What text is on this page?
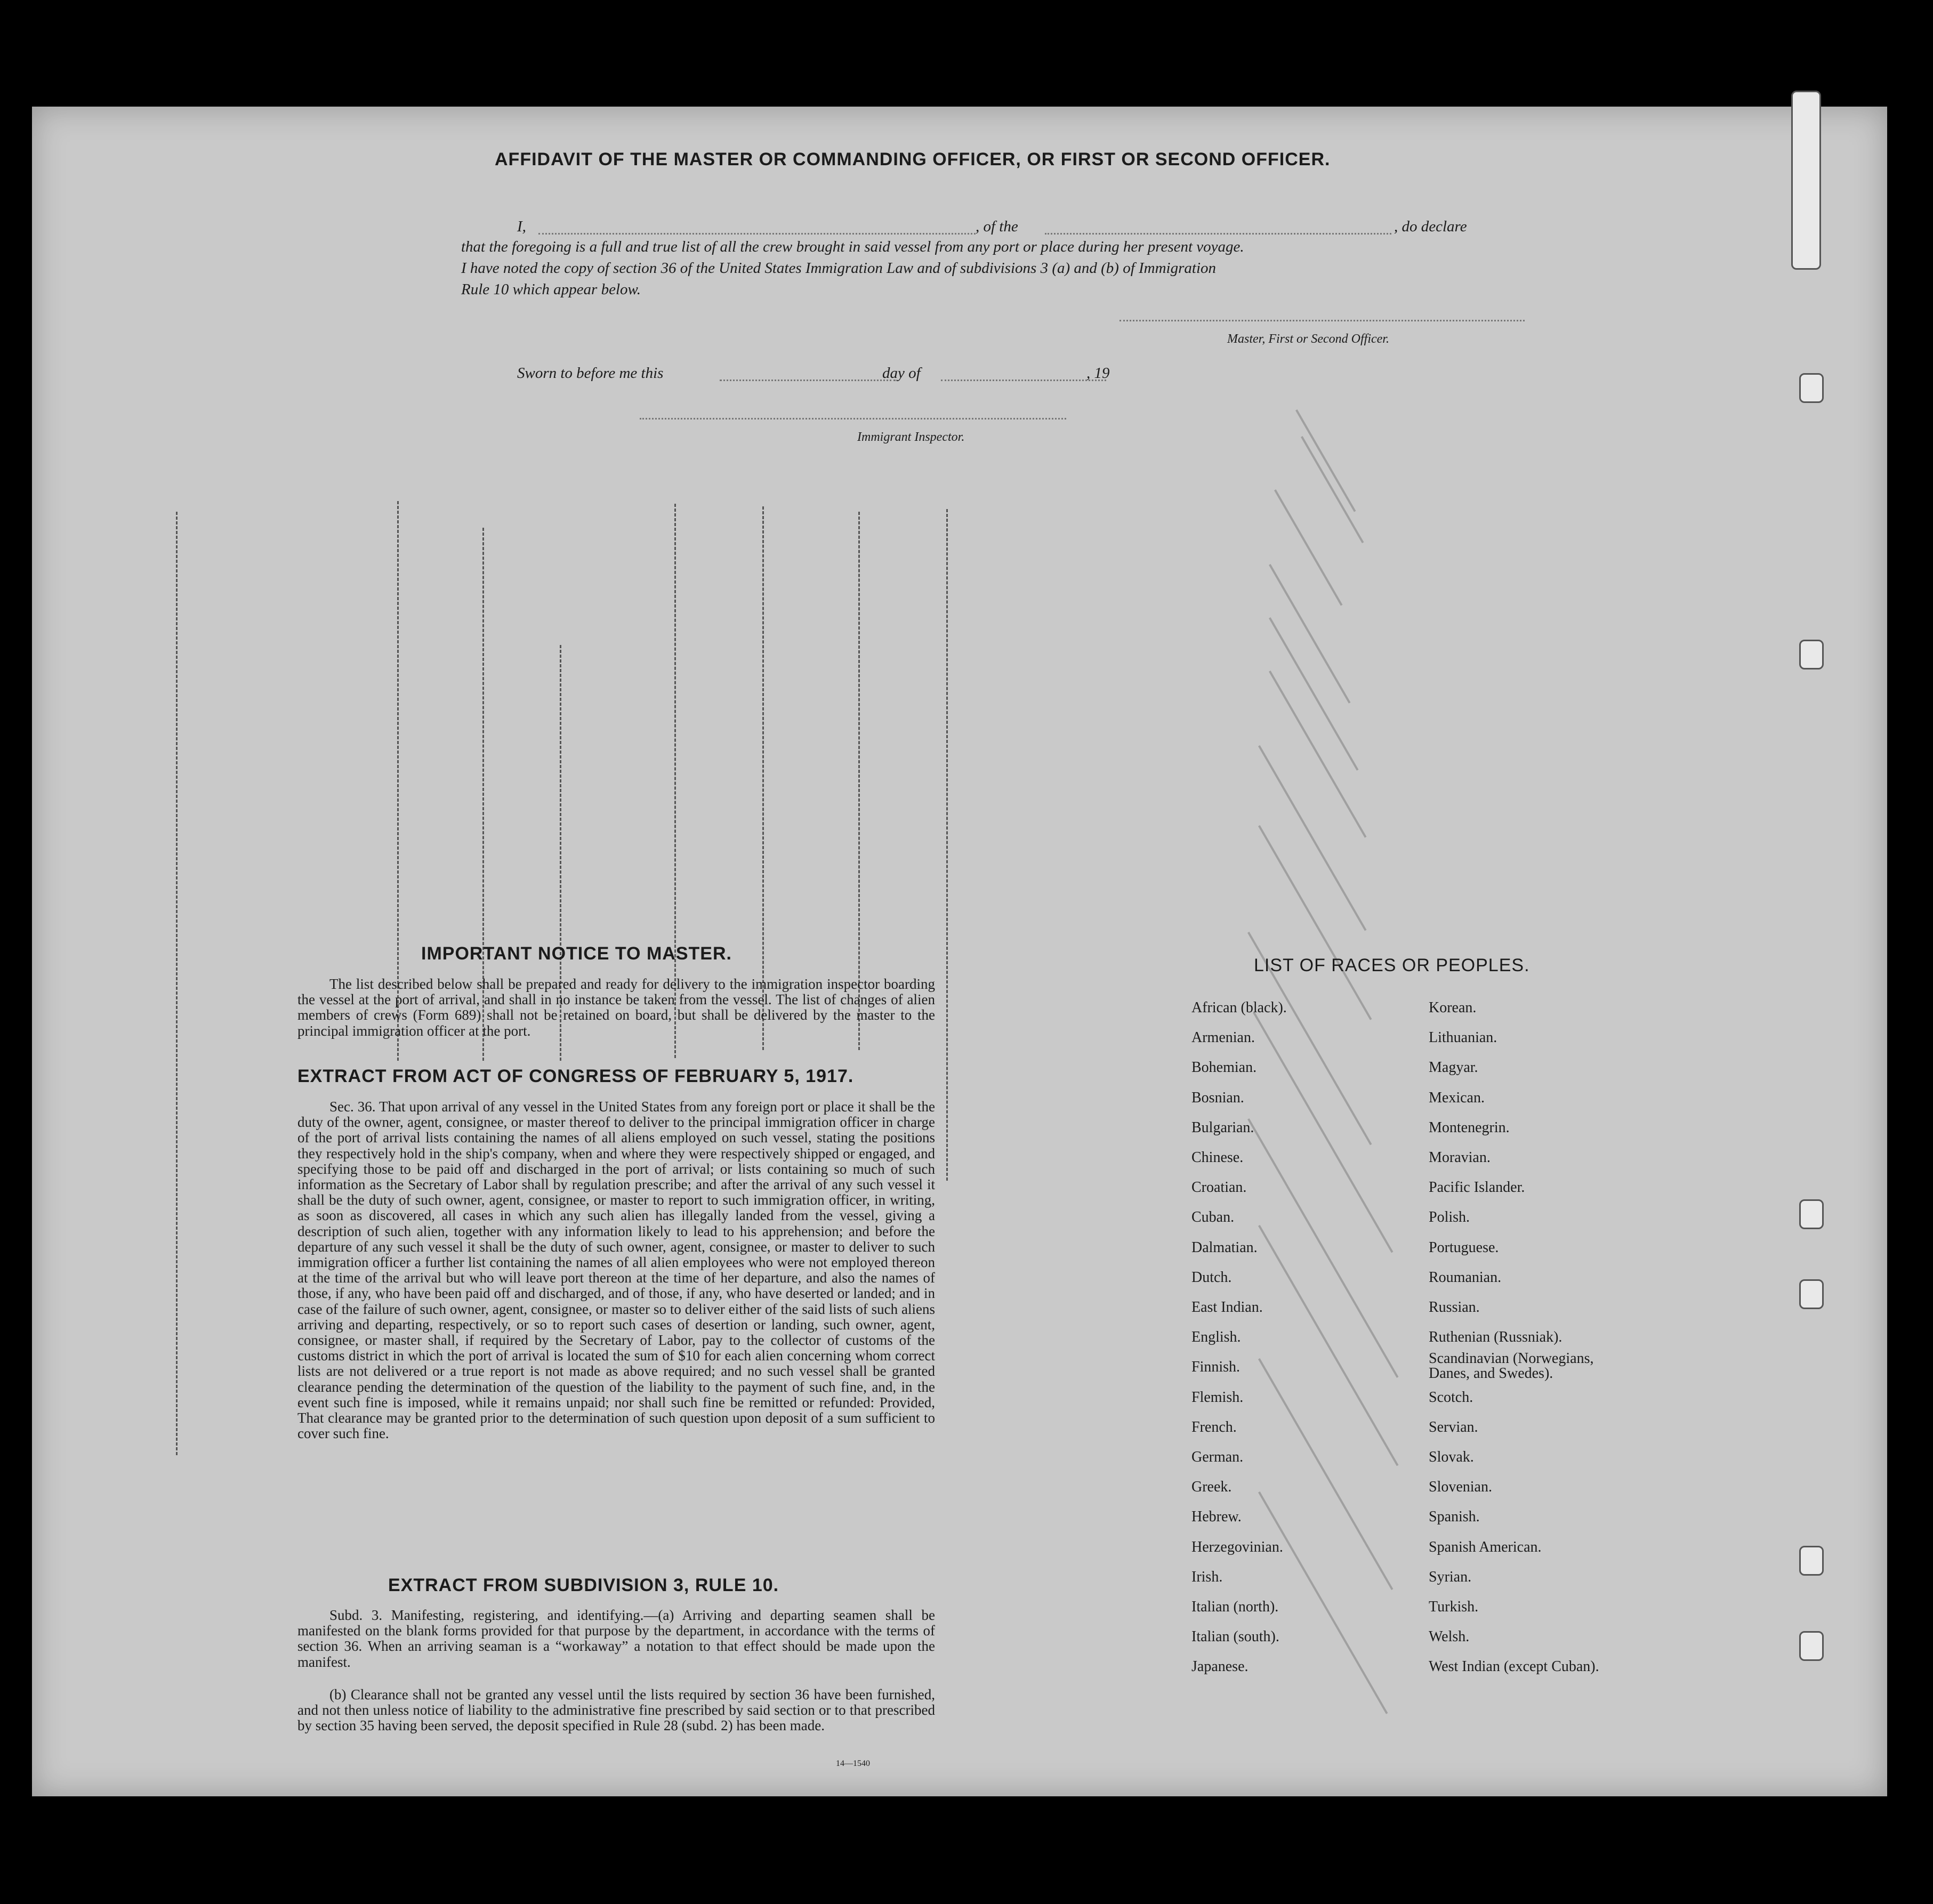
AFFIDAVIT OF THE MASTER OR COMMANDING OFFICER, OR FIRST OR SECOND OFFICER.
I,	, of the	, do declare
that the foregoing is a full and true list of all the crew brought in said vessel from any port or place during her present voyage.
I have noted the copy of section 36 of the United States Immigration Law and of subdivisions 3 (a) and (b) of Immigration
Rule 10 which appear below.
Master, First or Second Officer.
Sworn to before me this	day of	, 19
Immigrant Inspector.
IMPORTANT NOTICE TO MASTER.
The list described below shall be prepared and ready for delivery to the immigration inspector boarding the vessel at the port of arrival, and shall in no instance be taken from the vessel. The list of changes of alien members of crews (Form 689) shall not be retained on board, but shall be delivered by the master to the principal immigration officer at the port.
EXTRACT FROM ACT OF CONGRESS OF FEBRUARY 5, 1917.
Sec. 36. That upon arrival of any vessel in the United States from any foreign port or place it shall be the duty of the owner, agent, consignee, or master thereof to deliver to the principal immigration officer in charge of the port of arrival lists containing the names of all aliens employed on such vessel, stating the positions they respectively hold in the ship's company, when and where they were respectively shipped or engaged, and specifying those to be paid off and discharged in the port of arrival; or lists containing so much of such information as the Secretary of Labor shall by regulation prescribe; and after the arrival of any such vessel it shall be the duty of such owner, agent, consignee, or master to report to such immigration officer, in writing, as soon as discovered, all cases in which any such alien has illegally landed from the vessel, giving a description of such alien, together with any information likely to lead to his apprehension; and before the departure of any such vessel it shall be the duty of such owner, agent, consignee, or master to deliver to such immigration officer a further list containing the names of all alien employees who were not employed thereon at the time of the arrival but who will leave port thereon at the time of her departure, and also the names of those, if any, who have been paid off and discharged, and of those, if any, who have deserted or landed; and in case of the failure of such owner, agent, consignee, or master so to deliver either of the said lists of such aliens arriving and departing, respectively, or so to report such cases of desertion or landing, such owner, agent, consignee, or master shall, if required by the Secretary of Labor, pay to the collector of customs of the customs district in which the port of arrival is located the sum of $10 for each alien concerning whom correct lists are not delivered or a true report is not made as above required; and no such vessel shall be granted clearance pending the determination of the question of the liability to the payment of such fine, and, in the event such fine is imposed, while it remains unpaid; nor shall such fine be remitted or refunded: Provided, That clearance may be granted prior to the determination of such question upon deposit of a sum sufficient to cover such fine.
EXTRACT FROM SUBDIVISION 3, RULE 10.
Subd. 3. Manifesting, registering, and identifying.—(a) Arriving and departing seamen shall be manifested on the blank forms provided for that purpose by the department, in accordance with the terms of section 36. When an arriving seaman is a “workaway” a notation to that effect should be made upon the manifest.
(b) Clearance shall not be granted any vessel until the lists required by section 36 have been furnished, and not then unless notice of liability to the administrative fine prescribed by said section or to that prescribed by section 35 having been served, the deposit specified in Rule 28 (subd. 2) has been made.
14—1540
LIST OF RACES OR PEOPLES.
African (black).
Armenian.
Bohemian.
Bosnian.
Bulgarian.
Chinese.
Croatian.
Cuban.
Dalmatian.
Dutch.
East Indian.
English.
Finnish.
Flemish.
French.
German.
Greek.
Hebrew.
Herzegovinian.
Irish.
Italian (north).
Italian (south).
Japanese.
Korean.
Lithuanian.
Magyar.
Mexican.
Montenegrin.
Moravian.
Pacific Islander.
Polish.
Portuguese.
Roumanian.
Russian.
Ruthenian (Russniak).
Scandinavian (Norwegians, Danes, and Swedes).
Scotch.
Servian.
Slovak.
Slovenian.
Spanish.
Spanish American.
Syrian.
Turkish.
Welsh.
West Indian (except Cuban).
